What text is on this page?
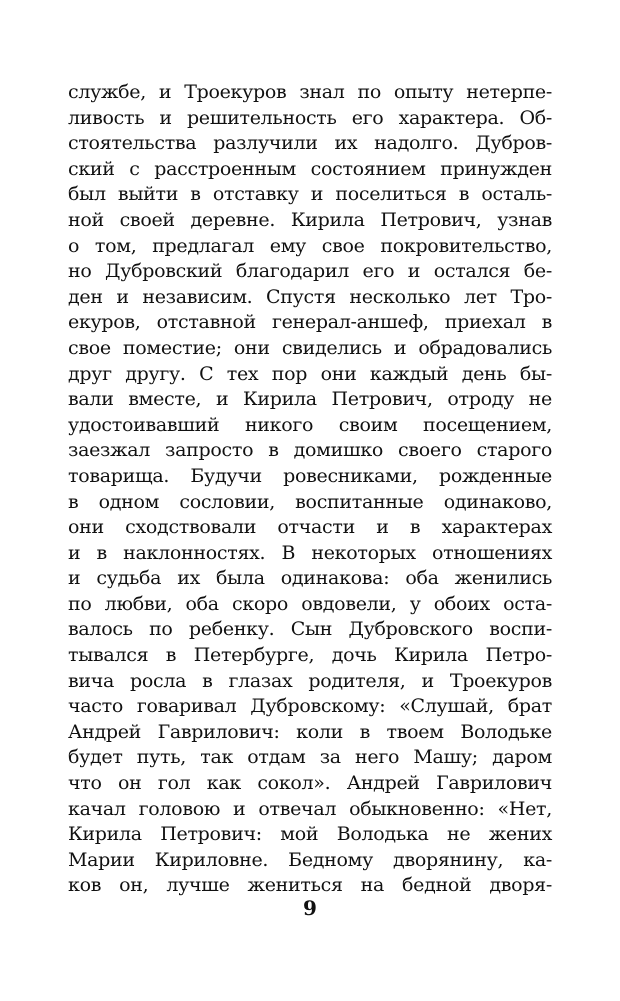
службе, и Троекуров знал по опыту нетерпе-
ливость и решительность его характера. Об-
стоятельства разлучили их надолго. Дубров-
ский с расстроенным состоянием принужден
был выйти в отставку и поселиться в осталь-
ной своей деревне. Кирила Петрович, узнав
о том, предлагал ему свое покровительство,
но Дубровский благодарил его и остался бе-
ден и независим. Спустя несколько лет Тро-
екуров, отставной генерал-аншеф, приехал в
свое поместие; они свиделись и обрадовались
друг другу. С тех пор они каждый день бы-
вали вместе, и Кирила Петрович, отроду не
удостоивавший никого своим посещением,
заезжал запросто в домишко своего старого
товарища. Будучи ровесниками, рожденные
в одном сословии, воспитанные одинаково,
они сходствовали отчасти и в характерах
и в наклонностях. В некоторых отношениях
и судьба их была одинакова: оба женились
по любви, оба скоро овдовели, у обоих оста-
валось по ребенку. Сын Дубровского воспи-
тывался в Петербурге, дочь Кирила Петро-
вича росла в глазах родителя, и Троекуров
часто говаривал Дубровскому: «Слушай, брат
Андрей Гаврилович: коли в твоем Володьке
будет путь, так отдам за него Машу; даром
что он гол как сокол». Андрей Гаврилович
качал головою и отвечал обыкновенно: «Нет,
Кирила Петрович: мой Володька не жених
Марии Кириловне. Бедному дворянину, ка-
ков он, лучше жениться на бедной дворя-
9
